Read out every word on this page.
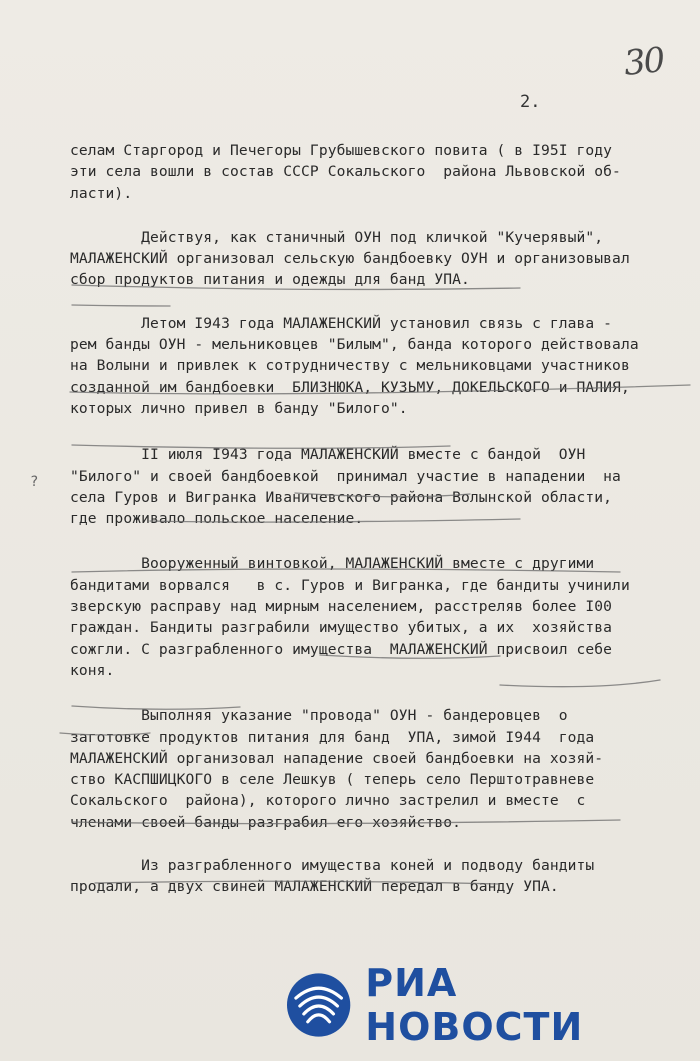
30
2.
?
селам Старгород и Печегоры Грубышевского повита ( в I95I году
эти села вошли в состав СССР Сокальского  района Львовской об-
ласти).
Действуя, как станичный ОУН под кличкой "Кучерявый",
МАЛАЖЕНСКИЙ организовал сельскую бандбоевку ОУН и организовывал
сбор продуктов питания и одежды для банд УПА.
Летом I943 года МАЛАЖЕНСКИЙ установил связь с глава -
рем банды ОУН - мельниковцев "Билым", банда которого действовала
на Волыни и привлек к сотрудничеству с мельниковцами участников
созданной им бандбоевки  БЛИЗНЮКА, КУЗЬМУ, ДОКЕЛЬСКОГО и ПАЛИЯ,
которых лично привел в банду "Билого".
II июля I943 года МАЛАЖЕНСКИЙ вместе с бандой  ОУН
"Билого" и своей бандбоевкой  принимал участие в нападении  на
села Гуров и Вигранка Иваничевского района Волынской области,
где проживало польское население.
Вооруженный винтовкой, МАЛАЖЕНСКИЙ вместе с другими
бандитами ворвался   в с. Гуров и Вигранка, где бандиты учинили
зверскую расправу над мирным населением, расстреляв более I00
граждан. Бандиты разграбили имущество убитых, а их  хозяйства
сожгли. С разграбленного имущества  МАЛАЖЕНСКИЙ присвоил себе
коня.
Выполняя указание "провода" ОУН - бандеровцев  о
заготовке продуктов питания для банд  УПА, зимой I944  года
МАЛАЖЕНСКИЙ организовал нападение своей бандбоевки на хозяй-
ство КАСПШИЦКОГО в селе Лешкув ( теперь село Перштотравневе
Сокальского  района), которого лично застрелил и вместе  с
членами своей банды разграбил его хозяйство.
Из разграбленного имущества коней и подводу бандиты
продали, а двух свиней МАЛАЖЕНСКИЙ передал в банду УПА.
РИА НОВОСТИ
